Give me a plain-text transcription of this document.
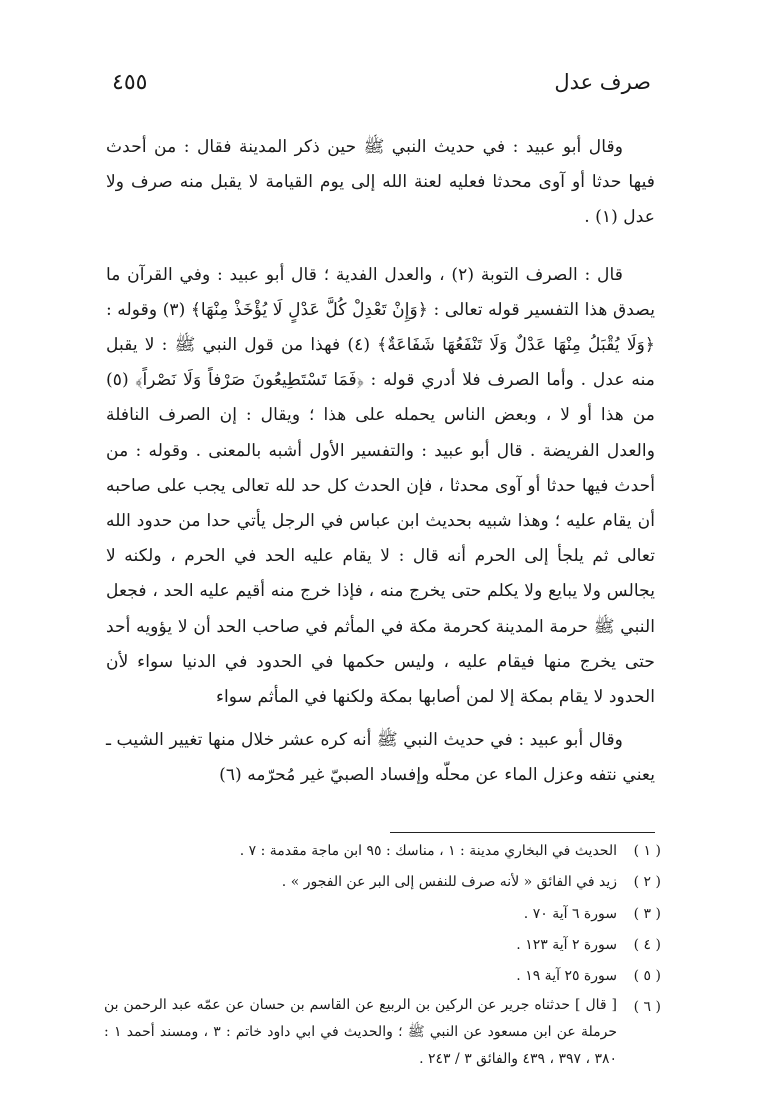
٤٥٥	صرف عدل

وقال أبو عبيد : في حديث النبي ﷺ حين ذكر المدينة فقال : من أحدث فيها حدثا أو آوى محدثا فعليه لعنة الله إلى يوم القيامة لا يقبل منه صرف ولا عدل (١) .

قال : الصرف التوبة (٢) ، والعدل الفدية ؛ قال أبو عبيد : وفي القرآن ما يصدق هذا التفسير قوله تعالى : ﴿وَإِنْ تَعْدِلْ كُلَّ عَدْلٍ لَا يُؤْخَذْ مِنْهَا﴾ (٣) وقوله : ﴿وَلَا يُقْبَلُ مِنْهَا عَدْلٌ وَلَا تَنْفَعُهَا شَفَاعَةٌ﴾ (٤) فهذا من قول النبي ﷺ : لا يقبل منه عدل . وأما الصرف فلا أدري قوله : ﴿فَمَا تَسْتَطِيعُونَ صَرْفاً وَلَا نَصْراً﴾ (٥) من هذا أو لا ، وبعض الناس يحمله على هذا ؛ ويقال : إن الصرف النافلة والعدل الفريضة . قال أبو عبيد : والتفسير الأول أشبه بالمعنى . وقوله : من أحدث فيها حدثا أو آوى محدثا ، فإن الحدث كل حد لله تعالى يجب على صاحبه أن يقام عليه ؛ وهذا شبيه بحديث ابن عباس في الرجل يأتي حدا من حدود الله تعالى ثم يلجأ إلى الحرم أنه قال : لا يقام عليه الحد في الحرم ، ولكنه لا يجالس ولا يبايع ولا يكلم حتى يخرج منه ، فإذا خرج منه أقيم عليه الحد ، فجعل النبي ﷺ حرمة المدينة كحرمة مكة في المأثم في صاحب الحد أن لا يؤويه أحد حتى يخرج منها فيقام عليه ، وليس حكمها في الحدود في الدنيا سواء لأن الحدود لا يقام بمكة إلا لمن أصابها بمكة ولكنها في المأثم سواء

وقال أبو عبيد : في حديث النبي ﷺ أنه كره عشر خلال منها تغيير الشيب ـ يعني نتفه وعزل الماء عن محلّه وإفساد الصبيّ غير مُحرّمه (٦)

( ١ )
الحديث في البخاري مدينة : ١ ، مناسك : ٩٥ ابن ماجة مقدمة : ٧ .
( ٢ )
زيد في الفائق « لأنه صرف للنفس إلى البر عن الفجور » .
( ٣ )
سورة ٦ آية ٧٠ .
( ٤ )
سورة ٢ آية ١٢٣ .
( ٥ )
سورة ٢٥ آية ١٩ .
( ٦ )
[ قال ] حدثناه جرير عن الركين بن الربيع عن القاسم بن حسان عن عمّه عبد الرحمن بن حرملة عن ابن مسعود عن النبي ﷺ ؛ والحديث في ابي داود خاتم : ٣ ، ومسند أحمد ١ : ٣٨٠ ، ٣٩٧ ، ٤٣٩ والفائق ٣ / ٢٤٣ .
